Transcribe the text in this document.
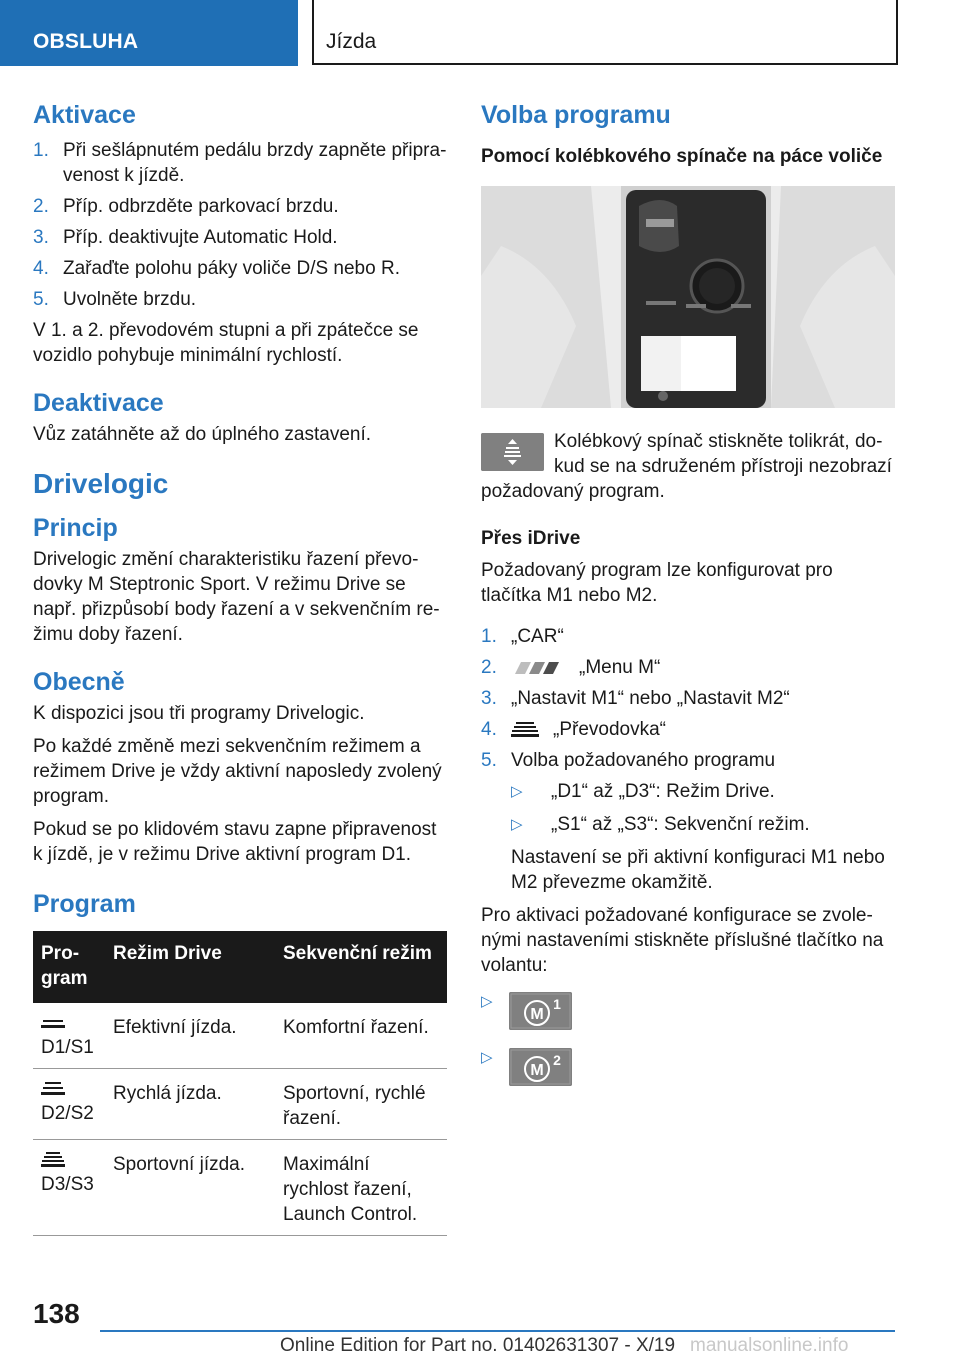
OBSLUHA	Jízda
Aktivace
1. Při sešlápnutém pedálu brzdy zapněte připravenost k jízdě.
2. Příp. odbrzděte parkovací brzdu.
3. Příp. deaktivujte Automatic Hold.
4. Zařaďte polohu páky voliče D/S nebo R.
5. Uvolněte brzdu.

V 1. a 2. převodovém stupni a při zpátečce se vozidlo pohybuje minimální rychlostí.

Deaktivace

Vůz zatáhněte až do úplného zastavení.

Drivelogic
Princip

Drivelogic změní charakteristiku řazení převodovky M Steptronic Sport. V režimu Drive se např. přizpůsobí body řazení a v sekvenčním režimu doby řazení.

Obecně

K dispozici jsou tři programy Drivelogic.

Po každé změně mezi sekvenčním režimem a režimem Drive je vždy aktivní naposledy zvolený program.

Pokud se po klidovém stavu zapne připravenost k jízdě, je v režimu Drive aktivní program D1.

Program
Program	Režim Drive	Sekvenční režim

D1/S1	Efektivní jízda.	Komfortní řazení.

D2/S2	Rychlá jízda.	Sportovní, rychlé řazení.

D3/S3	Sportovní jízda.	Maximální rychlost řazení, Launch Control.
Volba programu
Pomocí kolébkového spínače na páce voliče

Kolébkový spínač stiskněte tolikrát, dokud se na sdruženém přístroji nezobrazí požadovaný program.

Přes iDrive

Požadovaný program lze konfigurovat pro tlačítka M1 nebo M2.

1. „CAR“
2.	„Menu M“
3. „Nastavit M1“ nebo „Nastavit M2“
4.	„Převodovka“
5. Volba požadovaného programu
▷ „D1“ až „D3“: Režim Drive.
▷ „S1“ až „S3“: Sekvenční režim.

Nastavení se při aktivní konfiguraci M1 nebo M2 převezme okamžitě.

Pro aktivaci požadované konfigurace se zvolenými nastaveními stiskněte příslušné tlačítko na volantu:

▷
M
1
▷
M
2
138
Online Edition for Part no. 01402631307 - X/19 manualsonline.info
